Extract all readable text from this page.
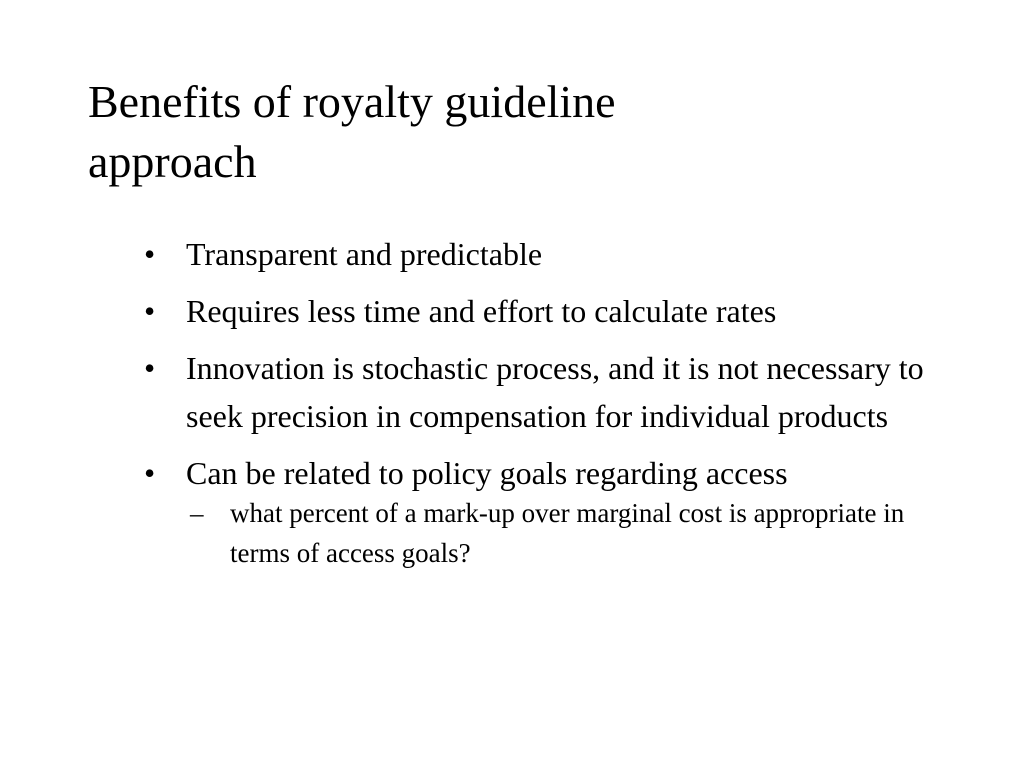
Benefits of royalty guideline
approach
• Transparent and predictable
• Requires less time and effort to calculate rates
• Innovation is stochastic process, and it is not necessary to seek precision in compensation for individual products
• Can be related to policy goals regarding access
– what percent of a mark-up over marginal cost is appropriate in terms of access goals?
